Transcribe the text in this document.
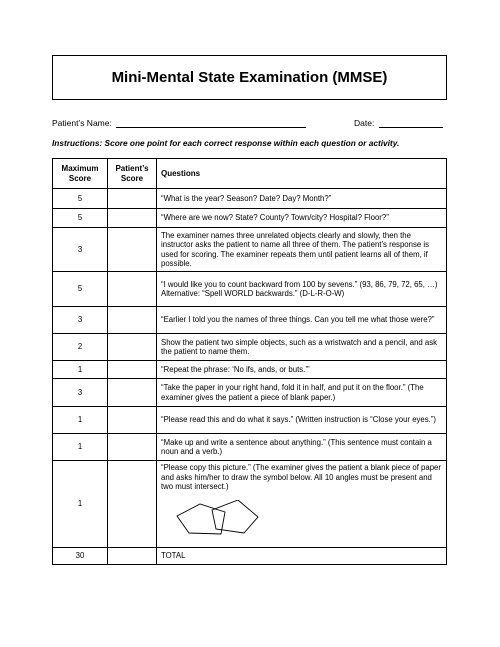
Mini-Mental State Examination (MMSE)
Patient’s Name:	Date:
Instructions: Score one point for each correct response within each question or activity.
Maximum Score	Patient’s Score	Questions
5		“What is the year? Season? Date? Day? Month?”
5		“Where are we now? State? County? Town/city? Hospital? Floor?”
3		The examiner names three unrelated objects clearly and slowly, then the instructor asks the patient to name all three of them. The patient’s response is used for scoring. The examiner repeats them until patient learns all of them, if possible.
5		“I would like you to count backward from 100 by sevens.” (93, 86, 79, 72, 65, …)
Alternative: “Spell WORLD backwards.” (D-L-R-O-W)

3		“Earlier I told you the names of three things. Can you tell me what those were?”
2		Show the patient two simple objects, such as a wristwatch and a pencil, and ask the patient to name them.
1		“Repeat the phrase: ‘No ifs, ands, or buts.’”
3		“Take the paper in your right hand, fold it in half, and put it on the floor.” (The examiner gives the patient a piece of blank paper.)
1		“Please read this and do what it says.” (Written instruction is “Close your eyes.”)
1		“Make up and write a sentence about anything.” (This sentence must contain a noun and a verb.)
1		“Please copy this picture.” (The examiner gives the patient a blank piece of paper and asks him/her to draw the symbol below. All 10 angles must be present and two must intersect.)

30		TOTAL
